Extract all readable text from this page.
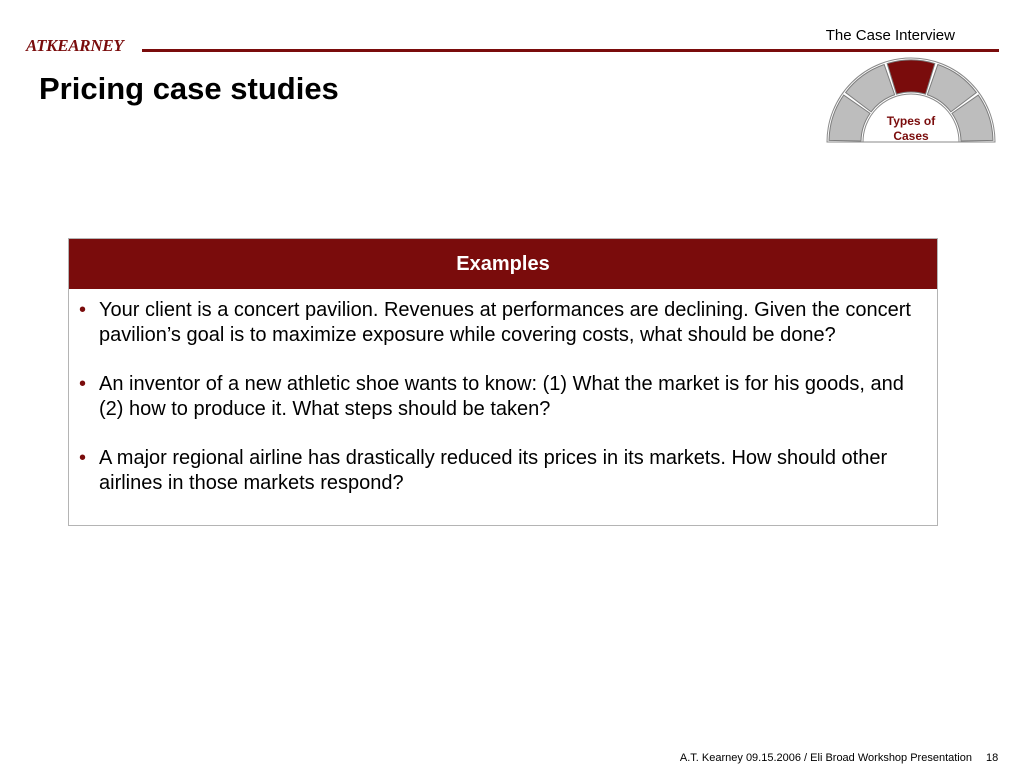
ATKEARNEY
The Case Interview
Pricing case studies
Types of
Cases
Examples
• Your client is a concert pavilion. Revenues at performances are declining. Given the concert pavilion’s goal is to maximize exposure while covering costs, what should be done?
• An inventor of a new athletic shoe wants to know: (1) What the market is for his goods, and (2) how to produce it. What steps should be taken?
• A major regional airline has drastically reduced its prices in its markets. How should other airlines in those markets respond?
A.T. Kearney 09.15.2006 / Eli Broad Workshop Presentation 18
